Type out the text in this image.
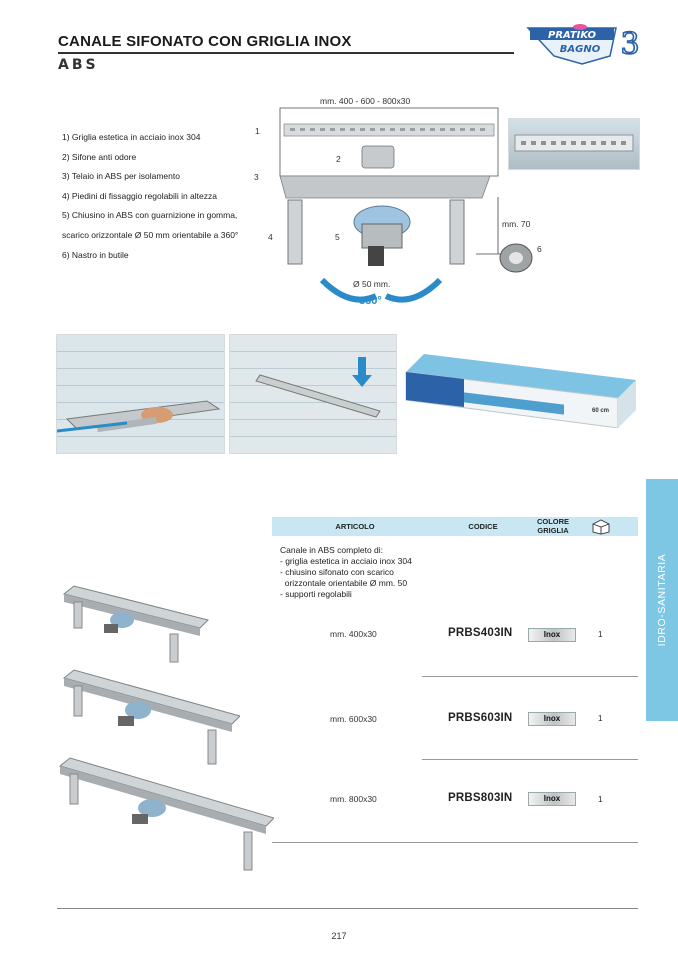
CANALE SIFONATO CON GRIGLIA INOX
ABS
PRATIKO
BAGNO 3
1) Griglia estetica in acciaio inox 304
2) Sifone anti odore
3) Telaio in ABS per isolamento
4) Piedini di fissaggio regolabili in altezza
5) Chiusino in ABS con guarnizione in gomma,
scarico orizzontale Ø 50 mm orientabile a 360°
6) Nastro in butile
mm. 400 - 600 - 800x30
1
2
3
4	5
6
mm. 70
Ø 50 mm.
360°
60 cm
IDRO-SANITARIA
ARTICOLO	CODICE
COLORE GRIGLIA
Canale in ABS completo di:
- griglia estetica in acciaio inox 304
- chiusino sifonato con scarico
orizzontale orientabile Ø mm. 50
- supporti regolabili
mm. 400x30	PRBS403IN	Inox	1
mm. 600x30	PRBS603IN	Inox	1
mm. 800x30	PRBS803IN	Inox	1
217
